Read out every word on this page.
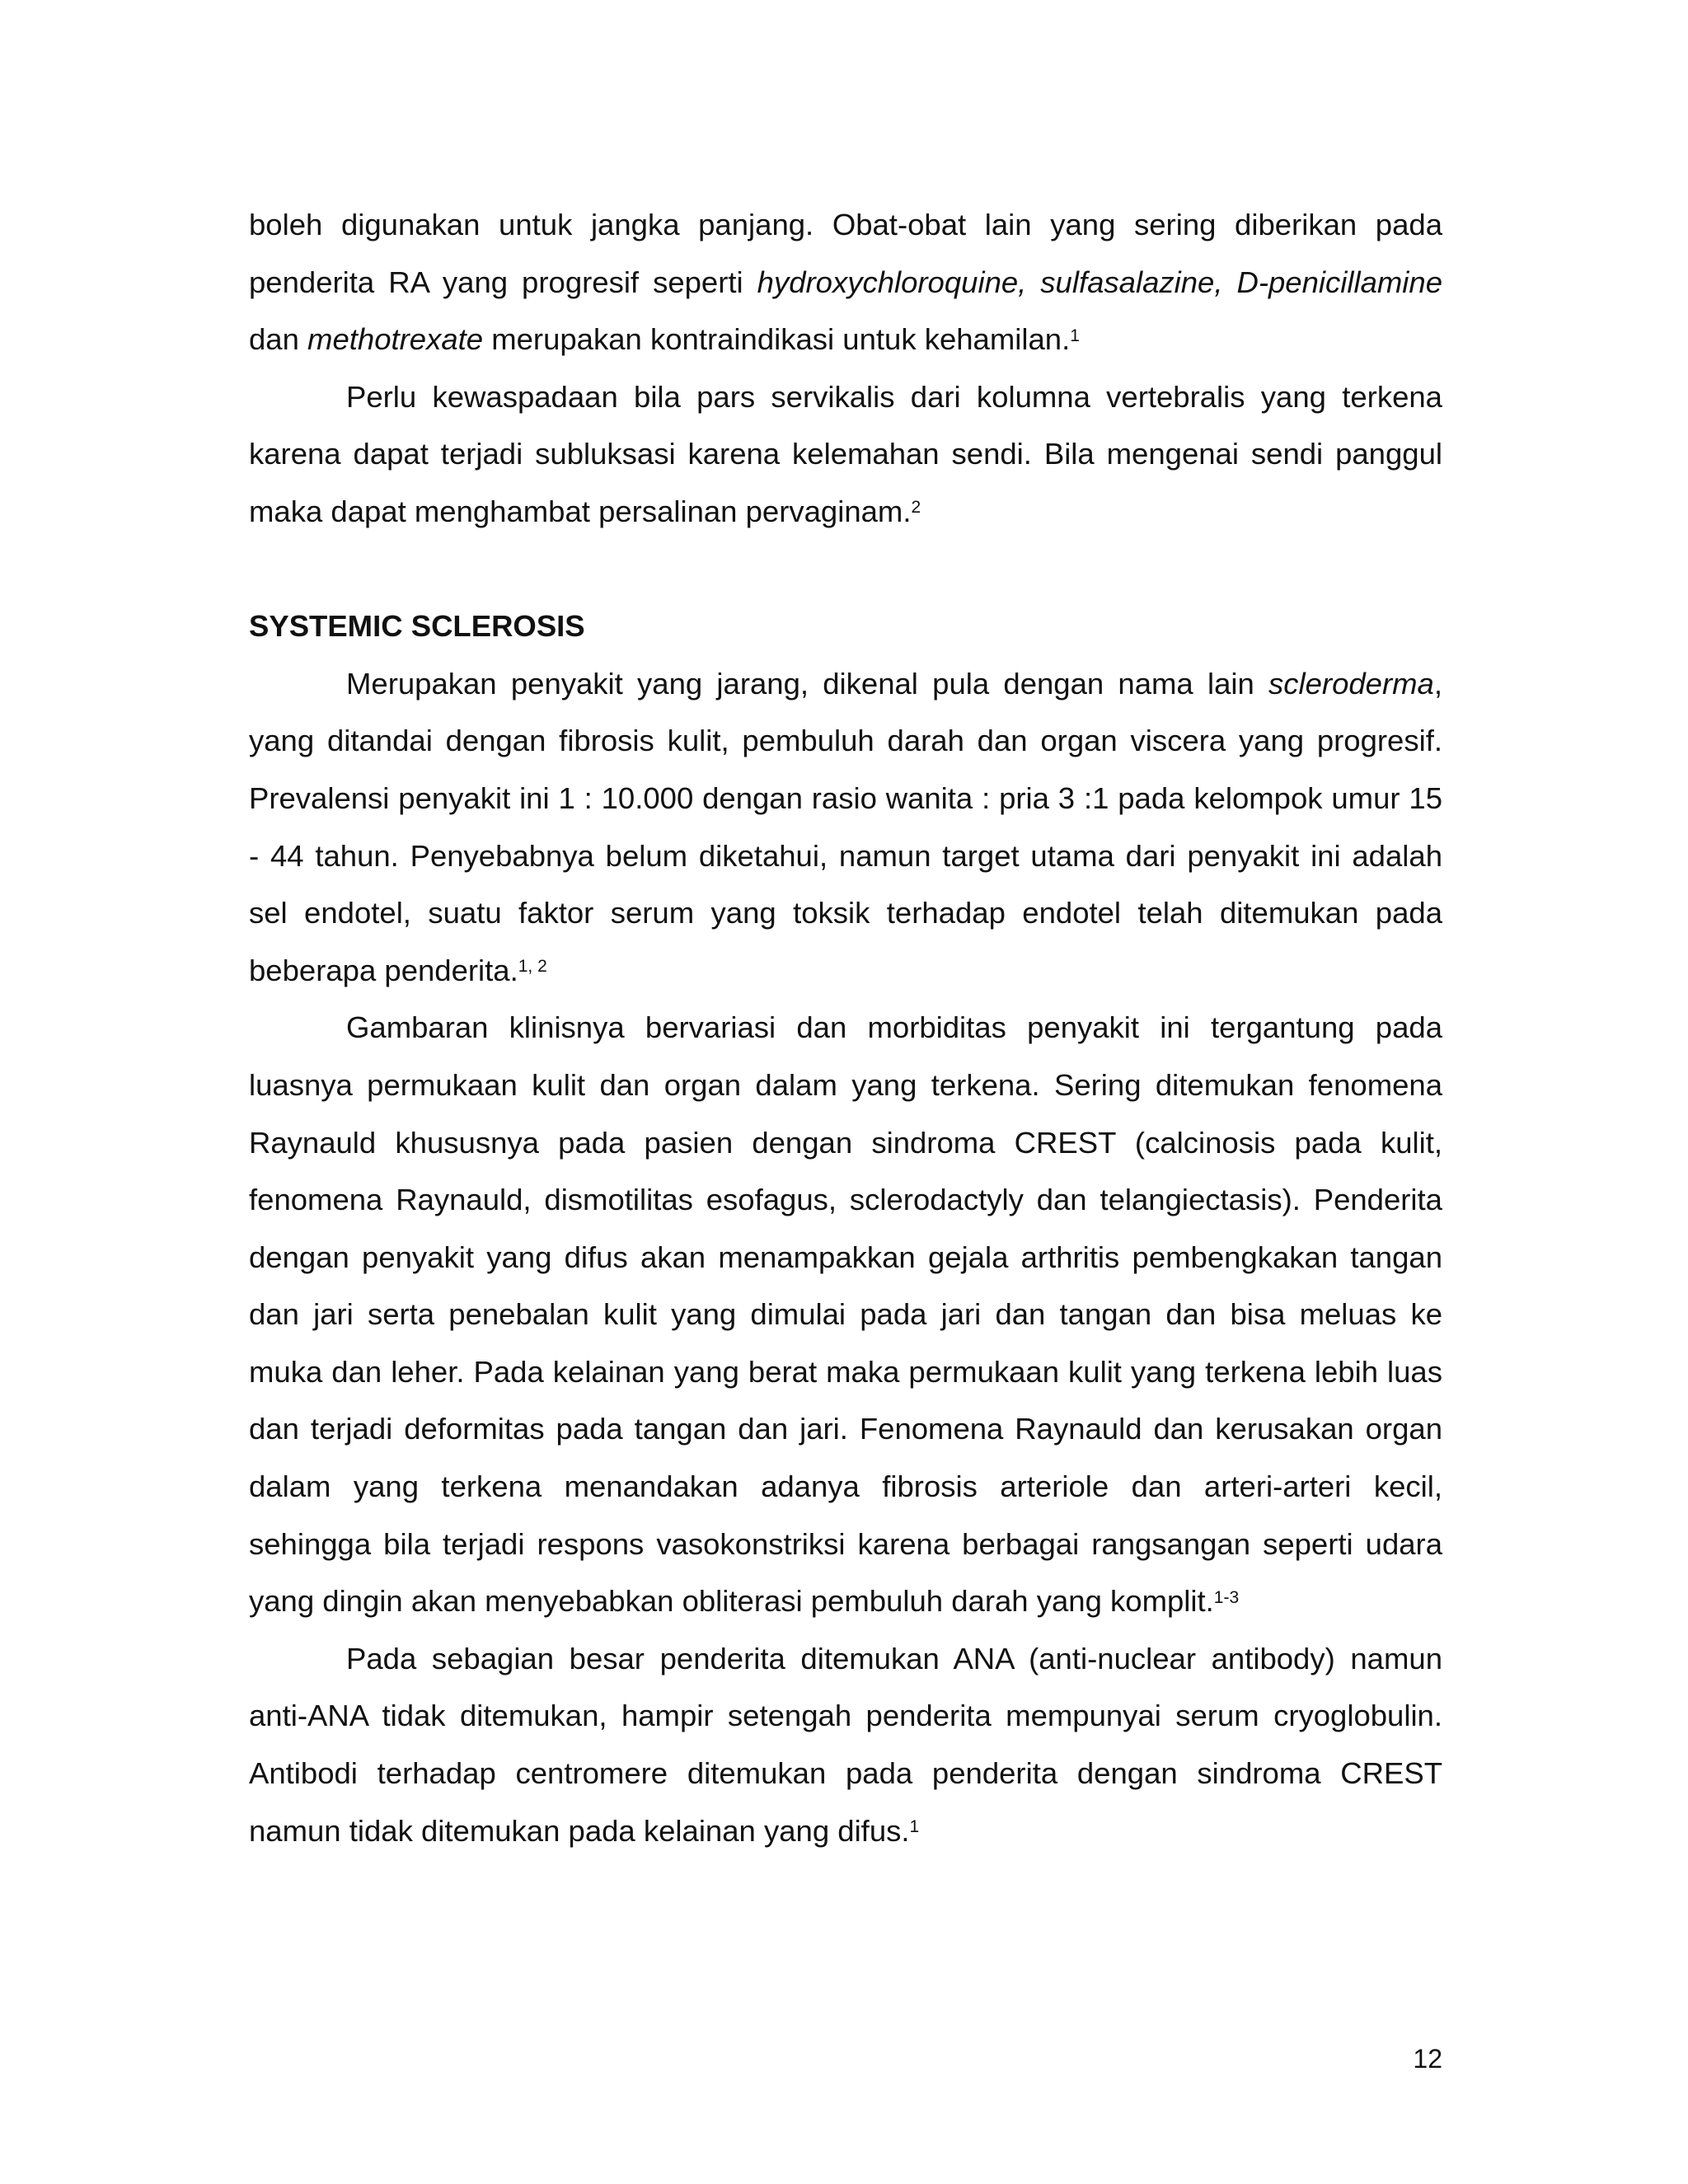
boleh digunakan untuk jangka panjang. Obat-obat lain yang sering diberikan pada penderita RA yang progresif seperti hydroxychloroquine, sulfasalazine, D-penicillamine dan methotrexate merupakan kontraindikasi untuk kehamilan.$^1$

Perlu kewaspadaan bila pars servikalis dari kolumna vertebralis yang terkena karena dapat terjadi subluksasi karena kelemahan sendi. Bila mengenai sendi panggul maka dapat menghambat persalinan pervaginam.$^2$

SYSTEMIC SCLEROSIS

Merupakan penyakit yang jarang, dikenal pula dengan nama lain scleroderma, yang ditandai dengan fibrosis kulit, pembuluh darah dan organ viscera yang progresif. Prevalensi penyakit ini 1 : 10.000 dengan rasio wanita : pria 3 :1 pada kelompok umur 15 - 44 tahun. Penyebabnya belum diketahui, namun target utama dari penyakit ini adalah sel endotel, suatu faktor serum yang toksik terhadap endotel telah ditemukan pada beberapa penderita.$^{1, 2}$

Gambaran klinisnya bervariasi dan morbiditas penyakit ini tergantung pada luasnya permukaan kulit dan organ dalam yang terkena. Sering ditemukan fenomena Raynauld khususnya pada pasien dengan sindroma CREST (calcinosis pada kulit, fenomena Raynauld, dismotilitas esofagus, sclerodactyly dan telangiectasis). Penderita dengan penyakit yang difus akan menampakkan gejala arthritis pembengkakan tangan dan jari serta penebalan kulit yang dimulai pada jari dan tangan dan bisa meluas ke muka dan leher. Pada kelainan yang berat maka permukaan kulit yang terkena lebih luas dan terjadi deformitas pada tangan dan jari. Fenomena Raynauld dan kerusakan organ dalam yang terkena menandakan adanya fibrosis arteriole dan arteri-arteri kecil, sehingga bila terjadi respons vasokonstriksi karena berbagai rangsangan seperti udara yang dingin akan menyebabkan obliterasi pembuluh darah yang komplit.$^{1-3}$

Pada sebagian besar penderita ditemukan ANA (anti-nuclear antibody) namun anti-ANA tidak ditemukan, hampir setengah penderita mempunyai serum cryoglobulin. Antibodi terhadap centromere ditemukan pada penderita dengan sindroma CREST namun tidak ditemukan pada kelainan yang difus.$^1$

12
